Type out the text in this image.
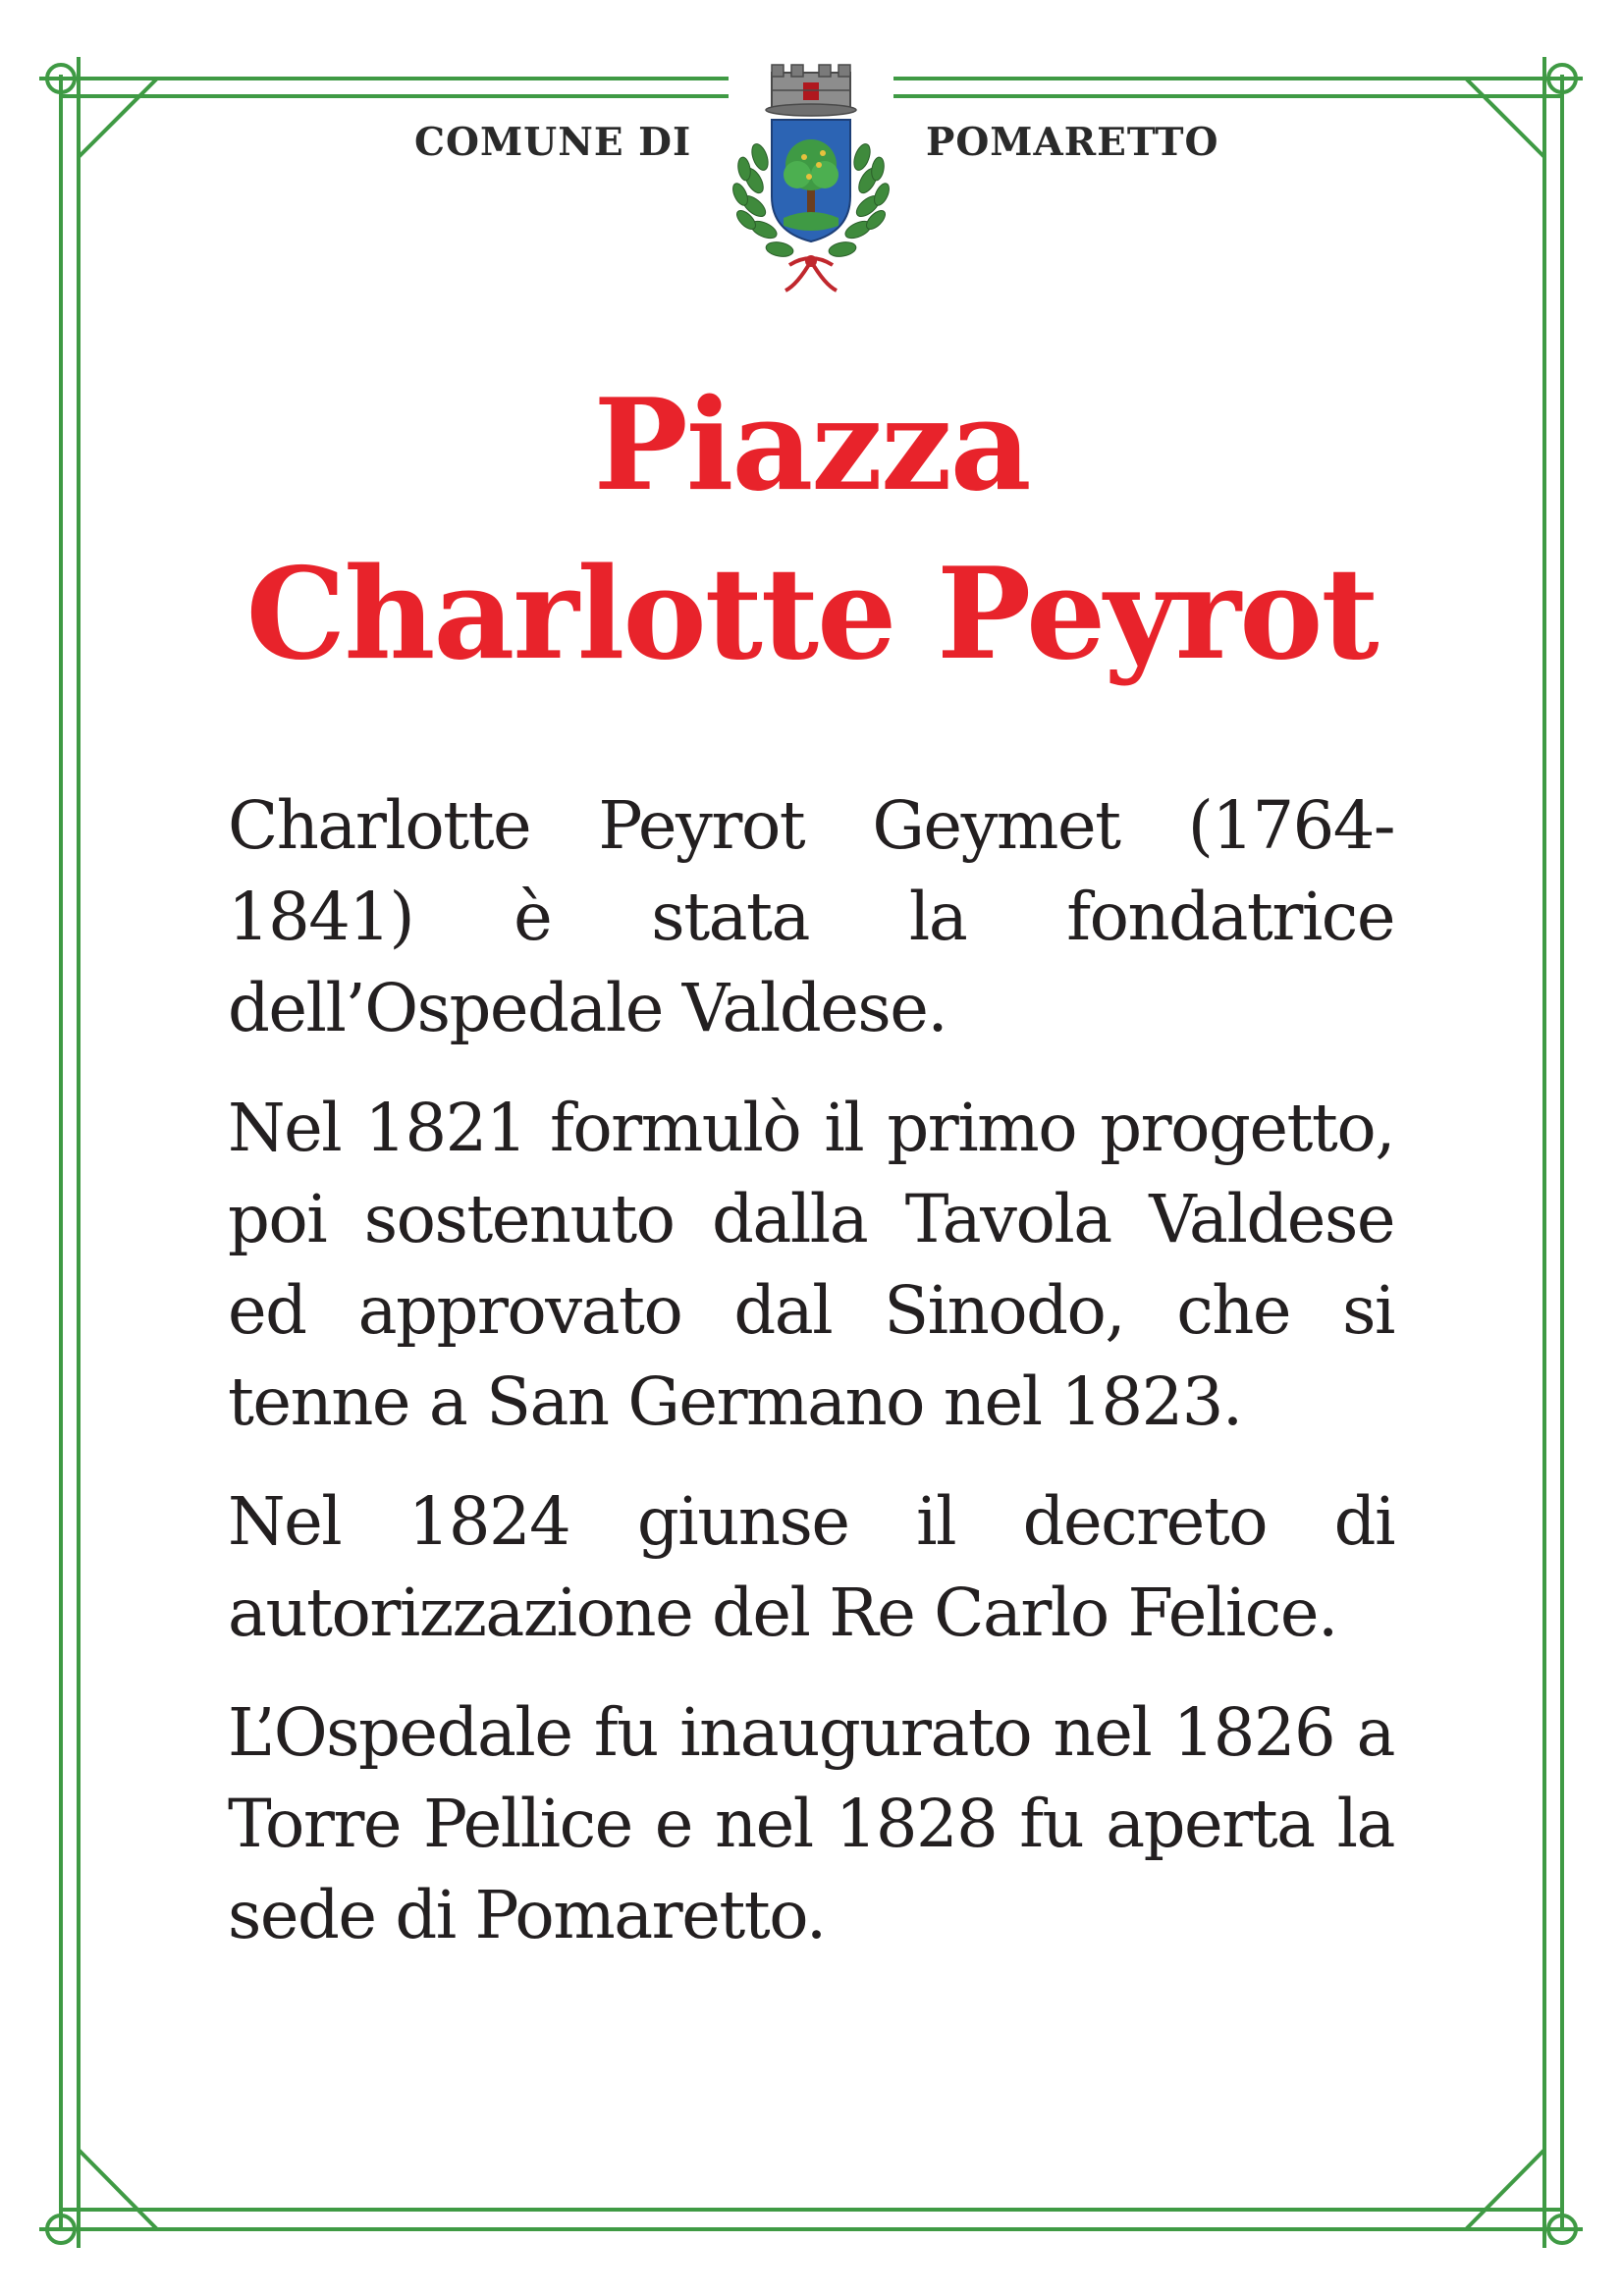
COMUNE DI	POMARETTO
Piazza
Charlotte Peyrot

Charlotte Peyrot Geymet (1764-1841) è stata la fondatrice dell’Ospedale Valdese.

Nel 1821 formulò il primo progetto, poi sostenuto dalla Tavola Valdese ed approvato dal Sinodo, che si tenne a San Germano nel 1823.

Nel 1824 giunse il decreto di autorizzazione del Re Carlo Felice.

L’Ospedale fu inaugurato nel 1826 a Torre Pellice e nel 1828 fu aperta la sede di Pomaretto.
